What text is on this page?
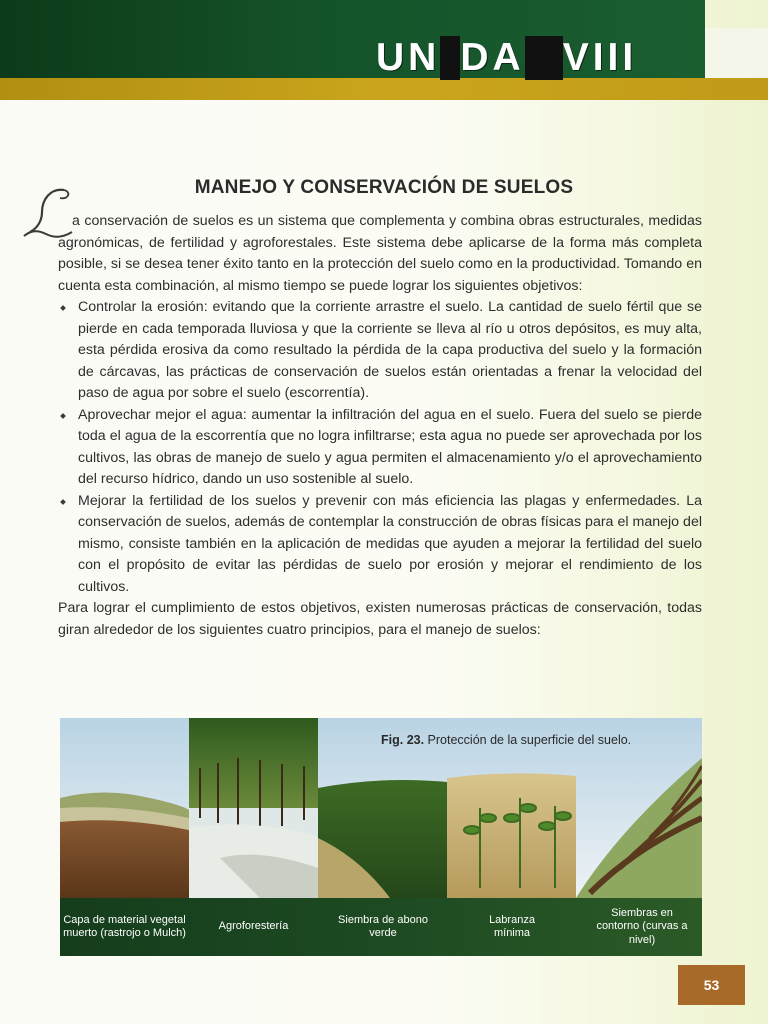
UN DA VIII
MANEJO Y CONSERVACIÓN DE SUELOS

a conservación de suelos es un sistema que complementa y combina obras estructurales, medidas agronómicas, de fertilidad y agroforestales. Este sistema debe aplicarse de la forma más completa posible, si se desea tener éxito tanto en la protección del suelo como en la productividad. Tomando en cuenta esta combinación, al mismo tiempo se puede lograr los siguientes objetivos:

Controlar la erosión: evitando que la corriente arrastre el suelo. La cantidad de suelo fértil que se pierde en cada temporada lluviosa y que la corriente se lleva al río u otros depósitos, es muy alta, esta pérdida erosiva da como resultado la pérdida de la capa productiva del suelo y la formación de cárcavas, las prácticas de conservación de suelos están orientadas a frenar la velocidad del paso de agua por sobre el suelo (escorrentía).
Aprovechar mejor el agua: aumentar la infiltración del agua en el suelo. Fuera del suelo se pierde toda el agua de la escorrentía que no logra infiltrarse; esta agua no puede ser aprovechada por los cultivos, las obras de manejo de suelo y agua permiten el almacenamiento y/o el aprovechamiento del recurso hídrico, dando un uso sostenible al suelo.
Mejorar la fertilidad de los suelos y prevenir con más eficiencia las plagas y enfermedades. La conservación de suelos, además de contemplar la construcción de obras físicas para el manejo del mismo, consiste también en la aplicación de medidas que ayuden a mejorar la fertilidad del suelo con el propósito de evitar las pérdidas de suelo por erosión y mejorar el rendimiento de los cultivos.

Para lograr el cumplimiento de estos objetivos, existen numerosas prácticas de conservación, todas giran alrededor de los siguientes cuatro principios, para el manejo de suelos:

Capa de material vegetal muerto (rastrojo o Mulch)
Agroforestería
Siembra de abono verde
Labranza mínima
Siembras en contorno (curvas a nivel)
Fig. 23. Protección de la superficie del suelo.
53
